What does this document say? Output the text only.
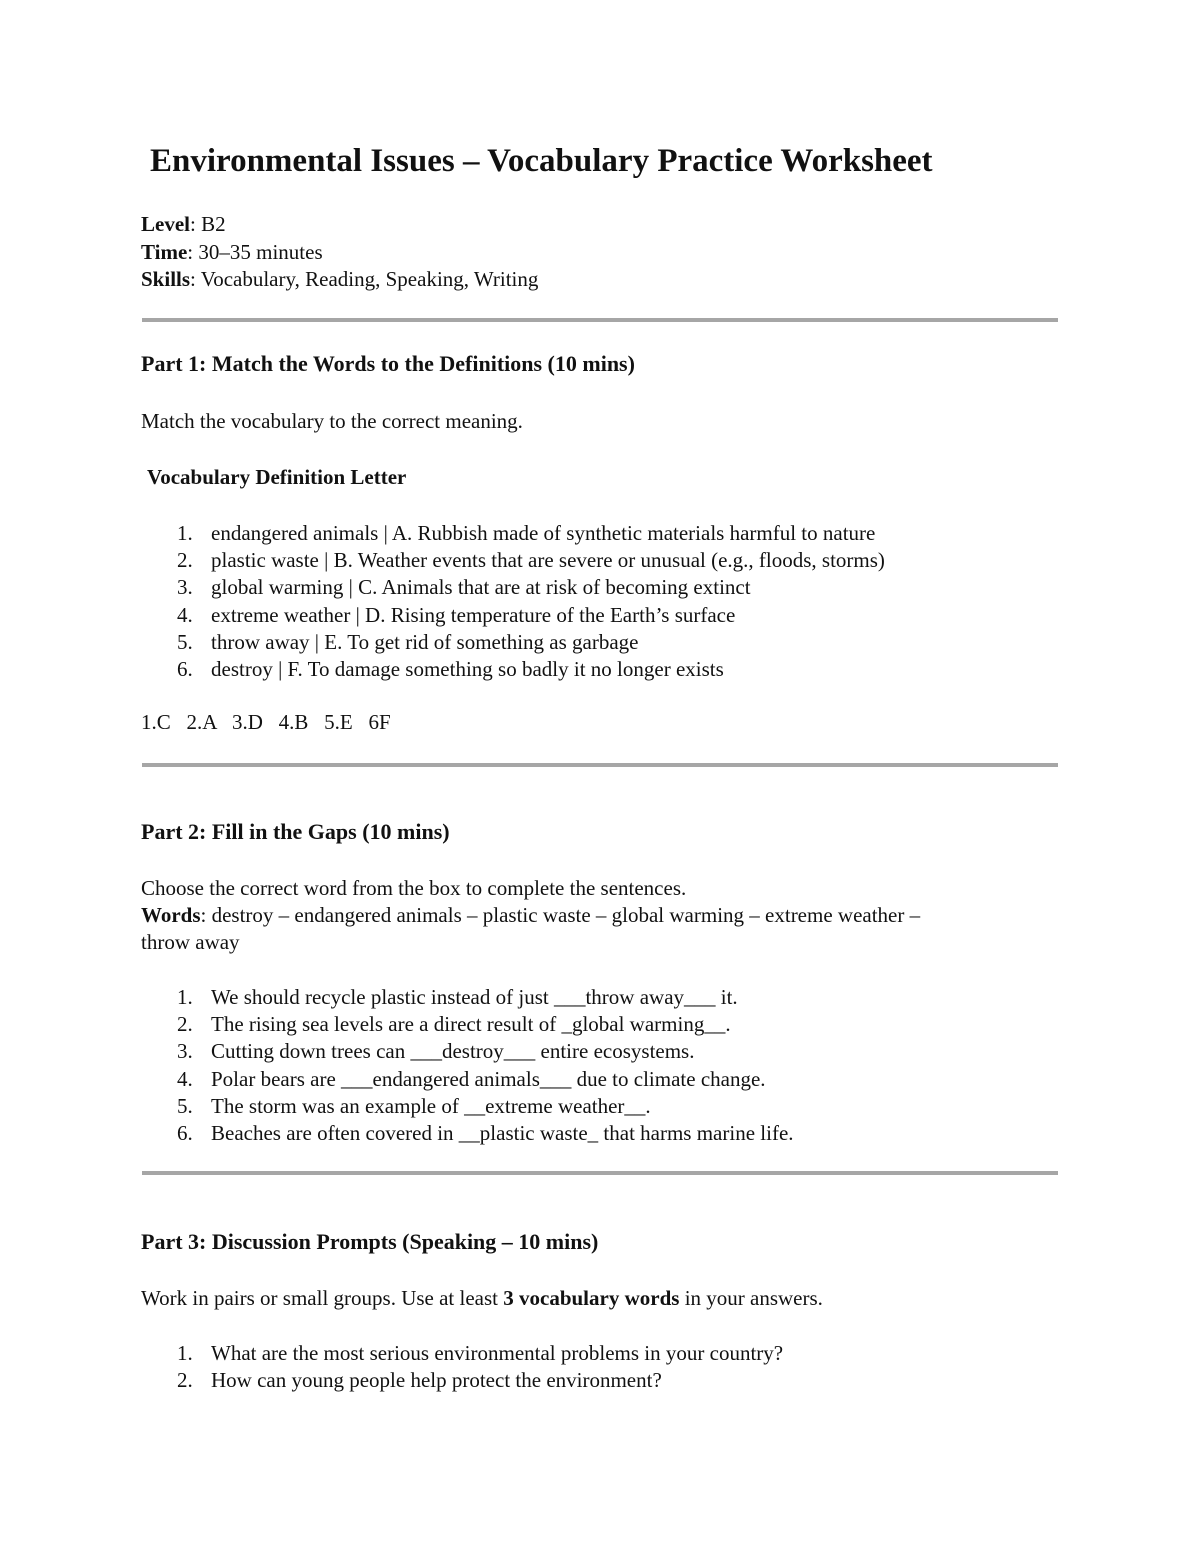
Environmental Issues – Vocabulary Practice Worksheet
Level: B2
Time: 30–35 minutes
Skills: Vocabulary, Reading, Speaking, Writing
Part 1: Match the Words to the Definitions (10 mins)
Match the vocabulary to the correct meaning.
Vocabulary Definition Letter
1. endangered animals | A. Rubbish made of synthetic materials harmful to nature
2. plastic waste | B. Weather events that are severe or unusual (e.g., floods, storms)
3. global warming | C. Animals that are at risk of becoming extinct
4. extreme weather | D. Rising temperature of the Earth’s surface
5. throw away | E. To get rid of something as garbage
6. destroy | F. To damage something so badly it no longer exists
1.C   2.A   3.D   4.B   5.E   6F
Part 2: Fill in the Gaps (10 mins)
Choose the correct word from the box to complete the sentences.
Words: destroy – endangered animals – plastic waste – global warming – extreme weather –
throw away
1. We should recycle plastic instead of just ___throw away___ it.
2. The rising sea levels are a direct result of _global warming__.
3. Cutting down trees can ___destroy___ entire ecosystems.
4. Polar bears are ___endangered animals___ due to climate change.
5. The storm was an example of __extreme weather__.
6. Beaches are often covered in __plastic waste_ that harms marine life.
Part 3: Discussion Prompts (Speaking – 10 mins)
Work in pairs or small groups. Use at least 3 vocabulary words in your answers.
1. What are the most serious environmental problems in your country?
2. How can young people help protect the environment?
